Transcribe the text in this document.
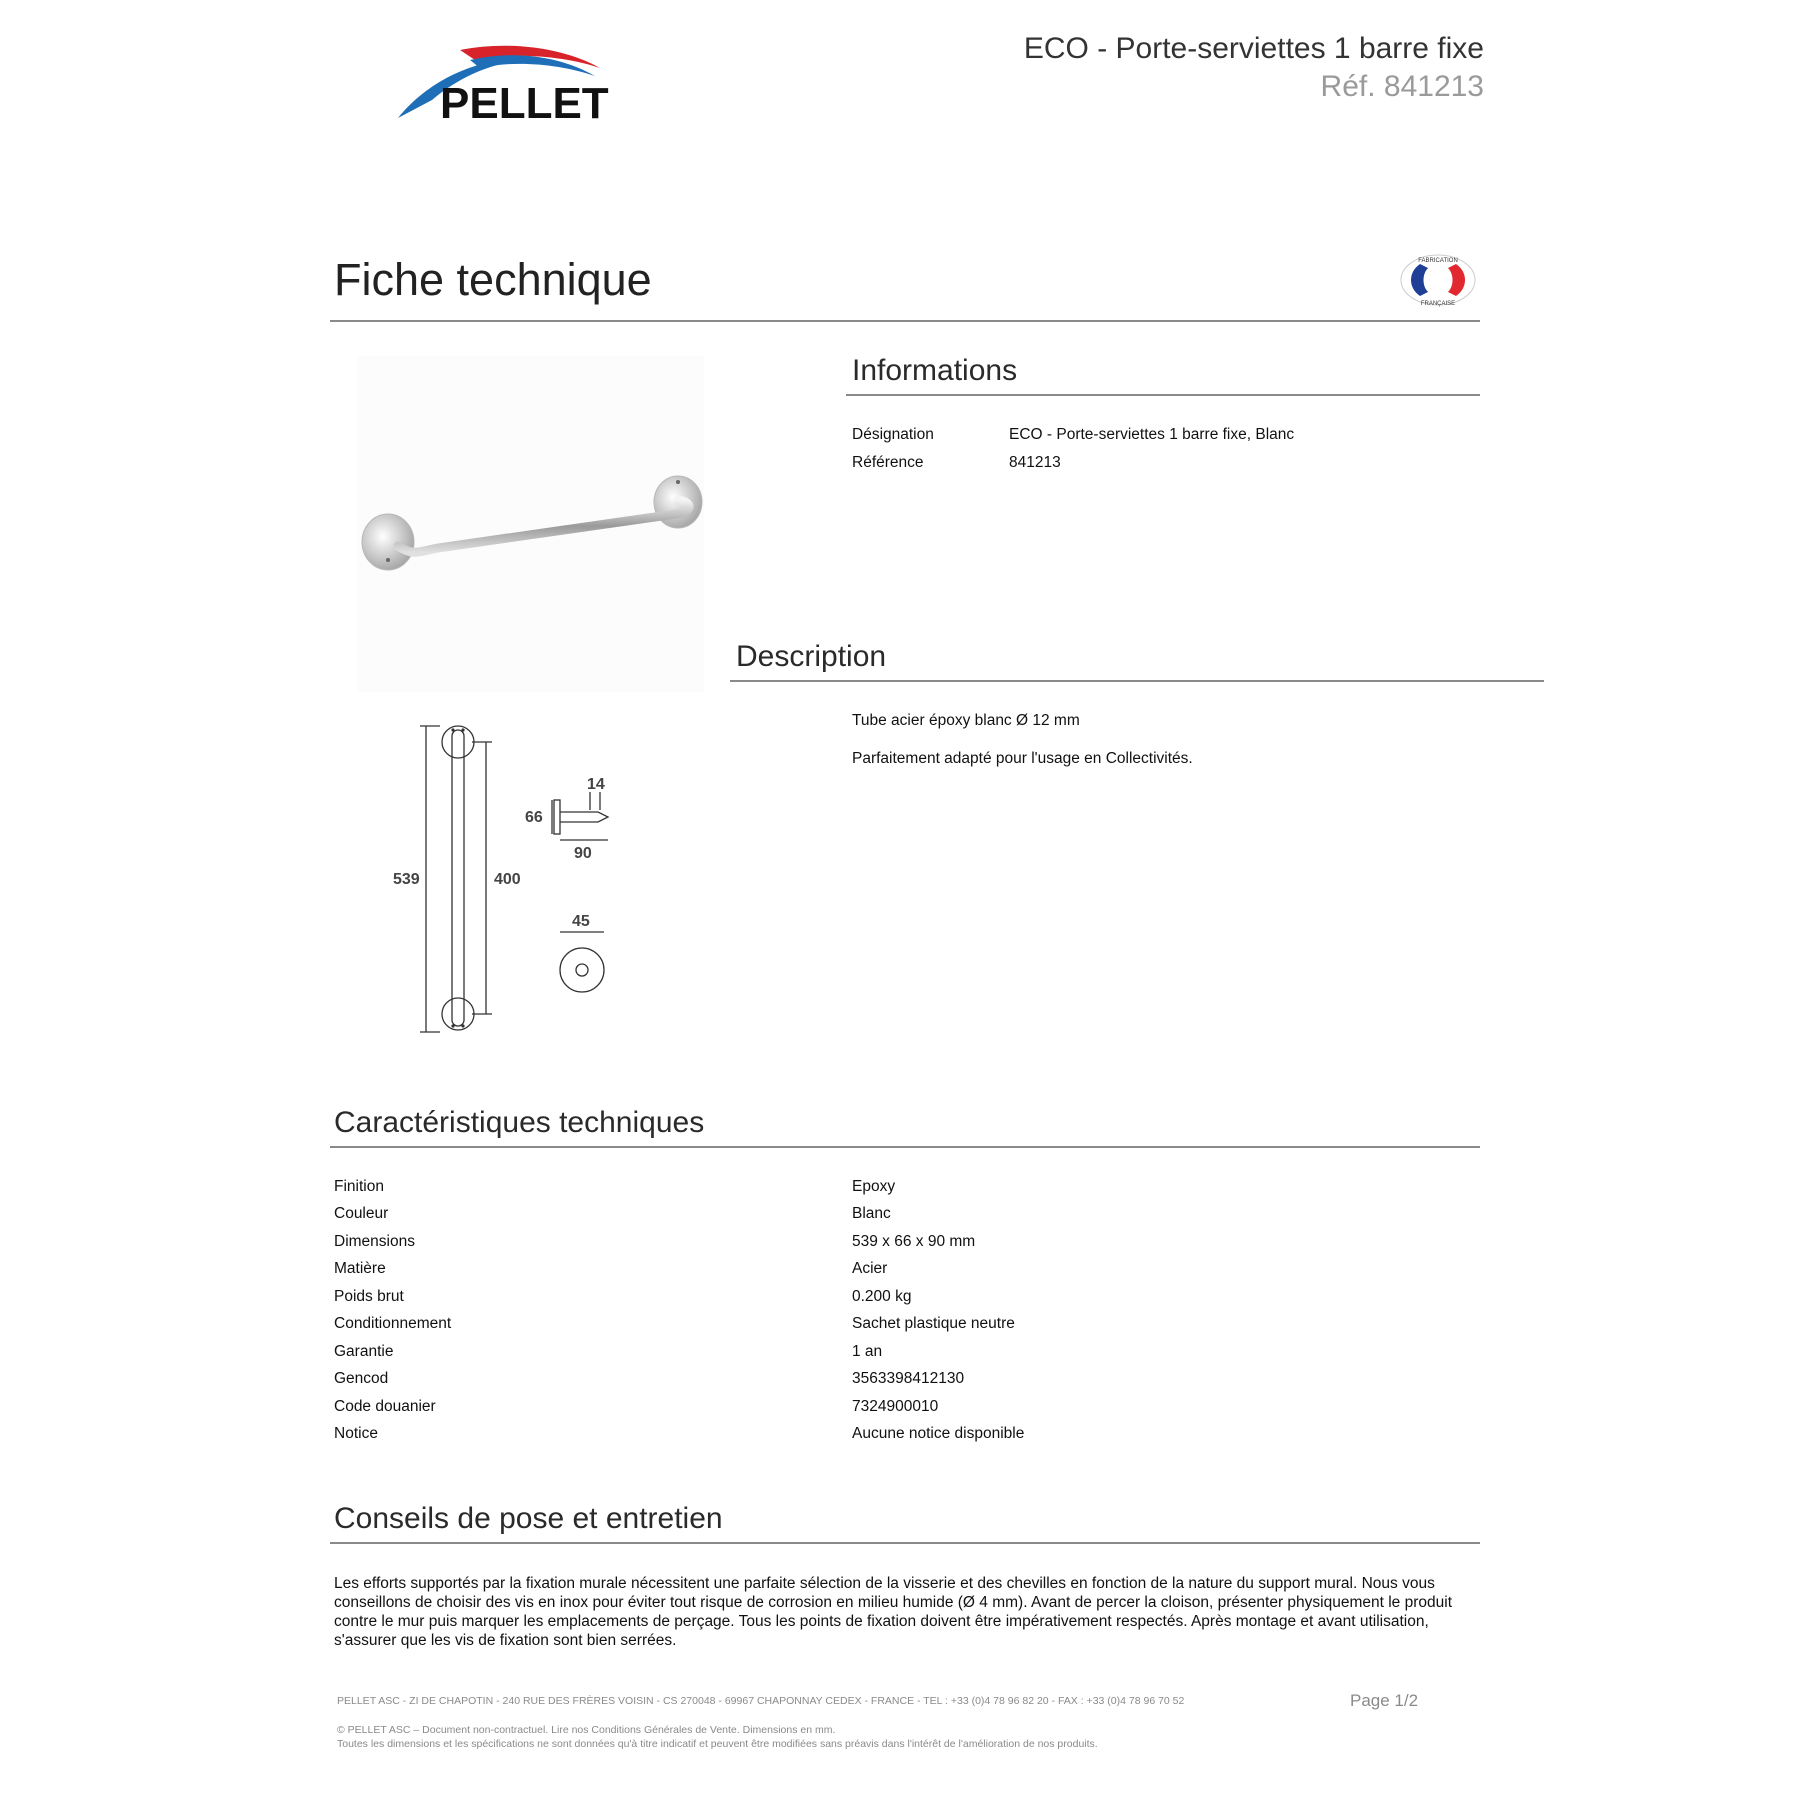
PELLET
ECO - Porte-serviettes 1 barre fixe
Réf. 841213
Fiche technique	FABRICATION
FRANÇAISE
539	400
66
14
90
45
Informations
Désignation	ECO - Porte-serviettes 1 barre fixe, Blanc
Référence	841213
Description
Tube acier époxy blanc Ø 12 mm
Parfaitement adapté pour l'usage en Collectivités.
Caractéristiques techniques
Finition	Epoxy
Couleur	Blanc
Dimensions	539 x 66 x 90 mm
Matière	Acier
Poids brut	0.200 kg
Conditionnement	Sachet plastique neutre
Garantie	1 an
Gencod	3563398412130
Code douanier	7324900010
Notice	Aucune notice disponible
Conseils de pose et entretien
Les efforts supportés par la fixation murale nécessitent une parfaite sélection de la visserie et des chevilles en fonction de la nature du support mural. Nous vous conseillons de choisir des vis en inox pour éviter tout risque de corrosion en milieu humide (Ø 4 mm). Avant de percer la cloison, présenter physiquement le produit contre le mur puis marquer les emplacements de perçage. Tous les points de fixation doivent être impérativement respectés. Après montage et avant utilisation, s'assurer que les vis de fixation sont bien serrées.
PELLET ASC - ZI DE CHAPOTIN - 240 RUE DES FRÈRES VOISIN - CS 270048 - 69967 CHAPONNAY CEDEX - FRANCE - TEL : +33 (0)4 78 96 82 20 - FAX : +33 (0)4 78 96 70 52	Page 1/2
© PELLET ASC – Document non-contractuel. Lire nos Conditions Générales de Vente. Dimensions en mm.
Toutes les dimensions et les spécifications ne sont données qu'à titre indicatif et peuvent être modifiées sans préavis dans l'intérêt de l'amélioration de nos produits.
